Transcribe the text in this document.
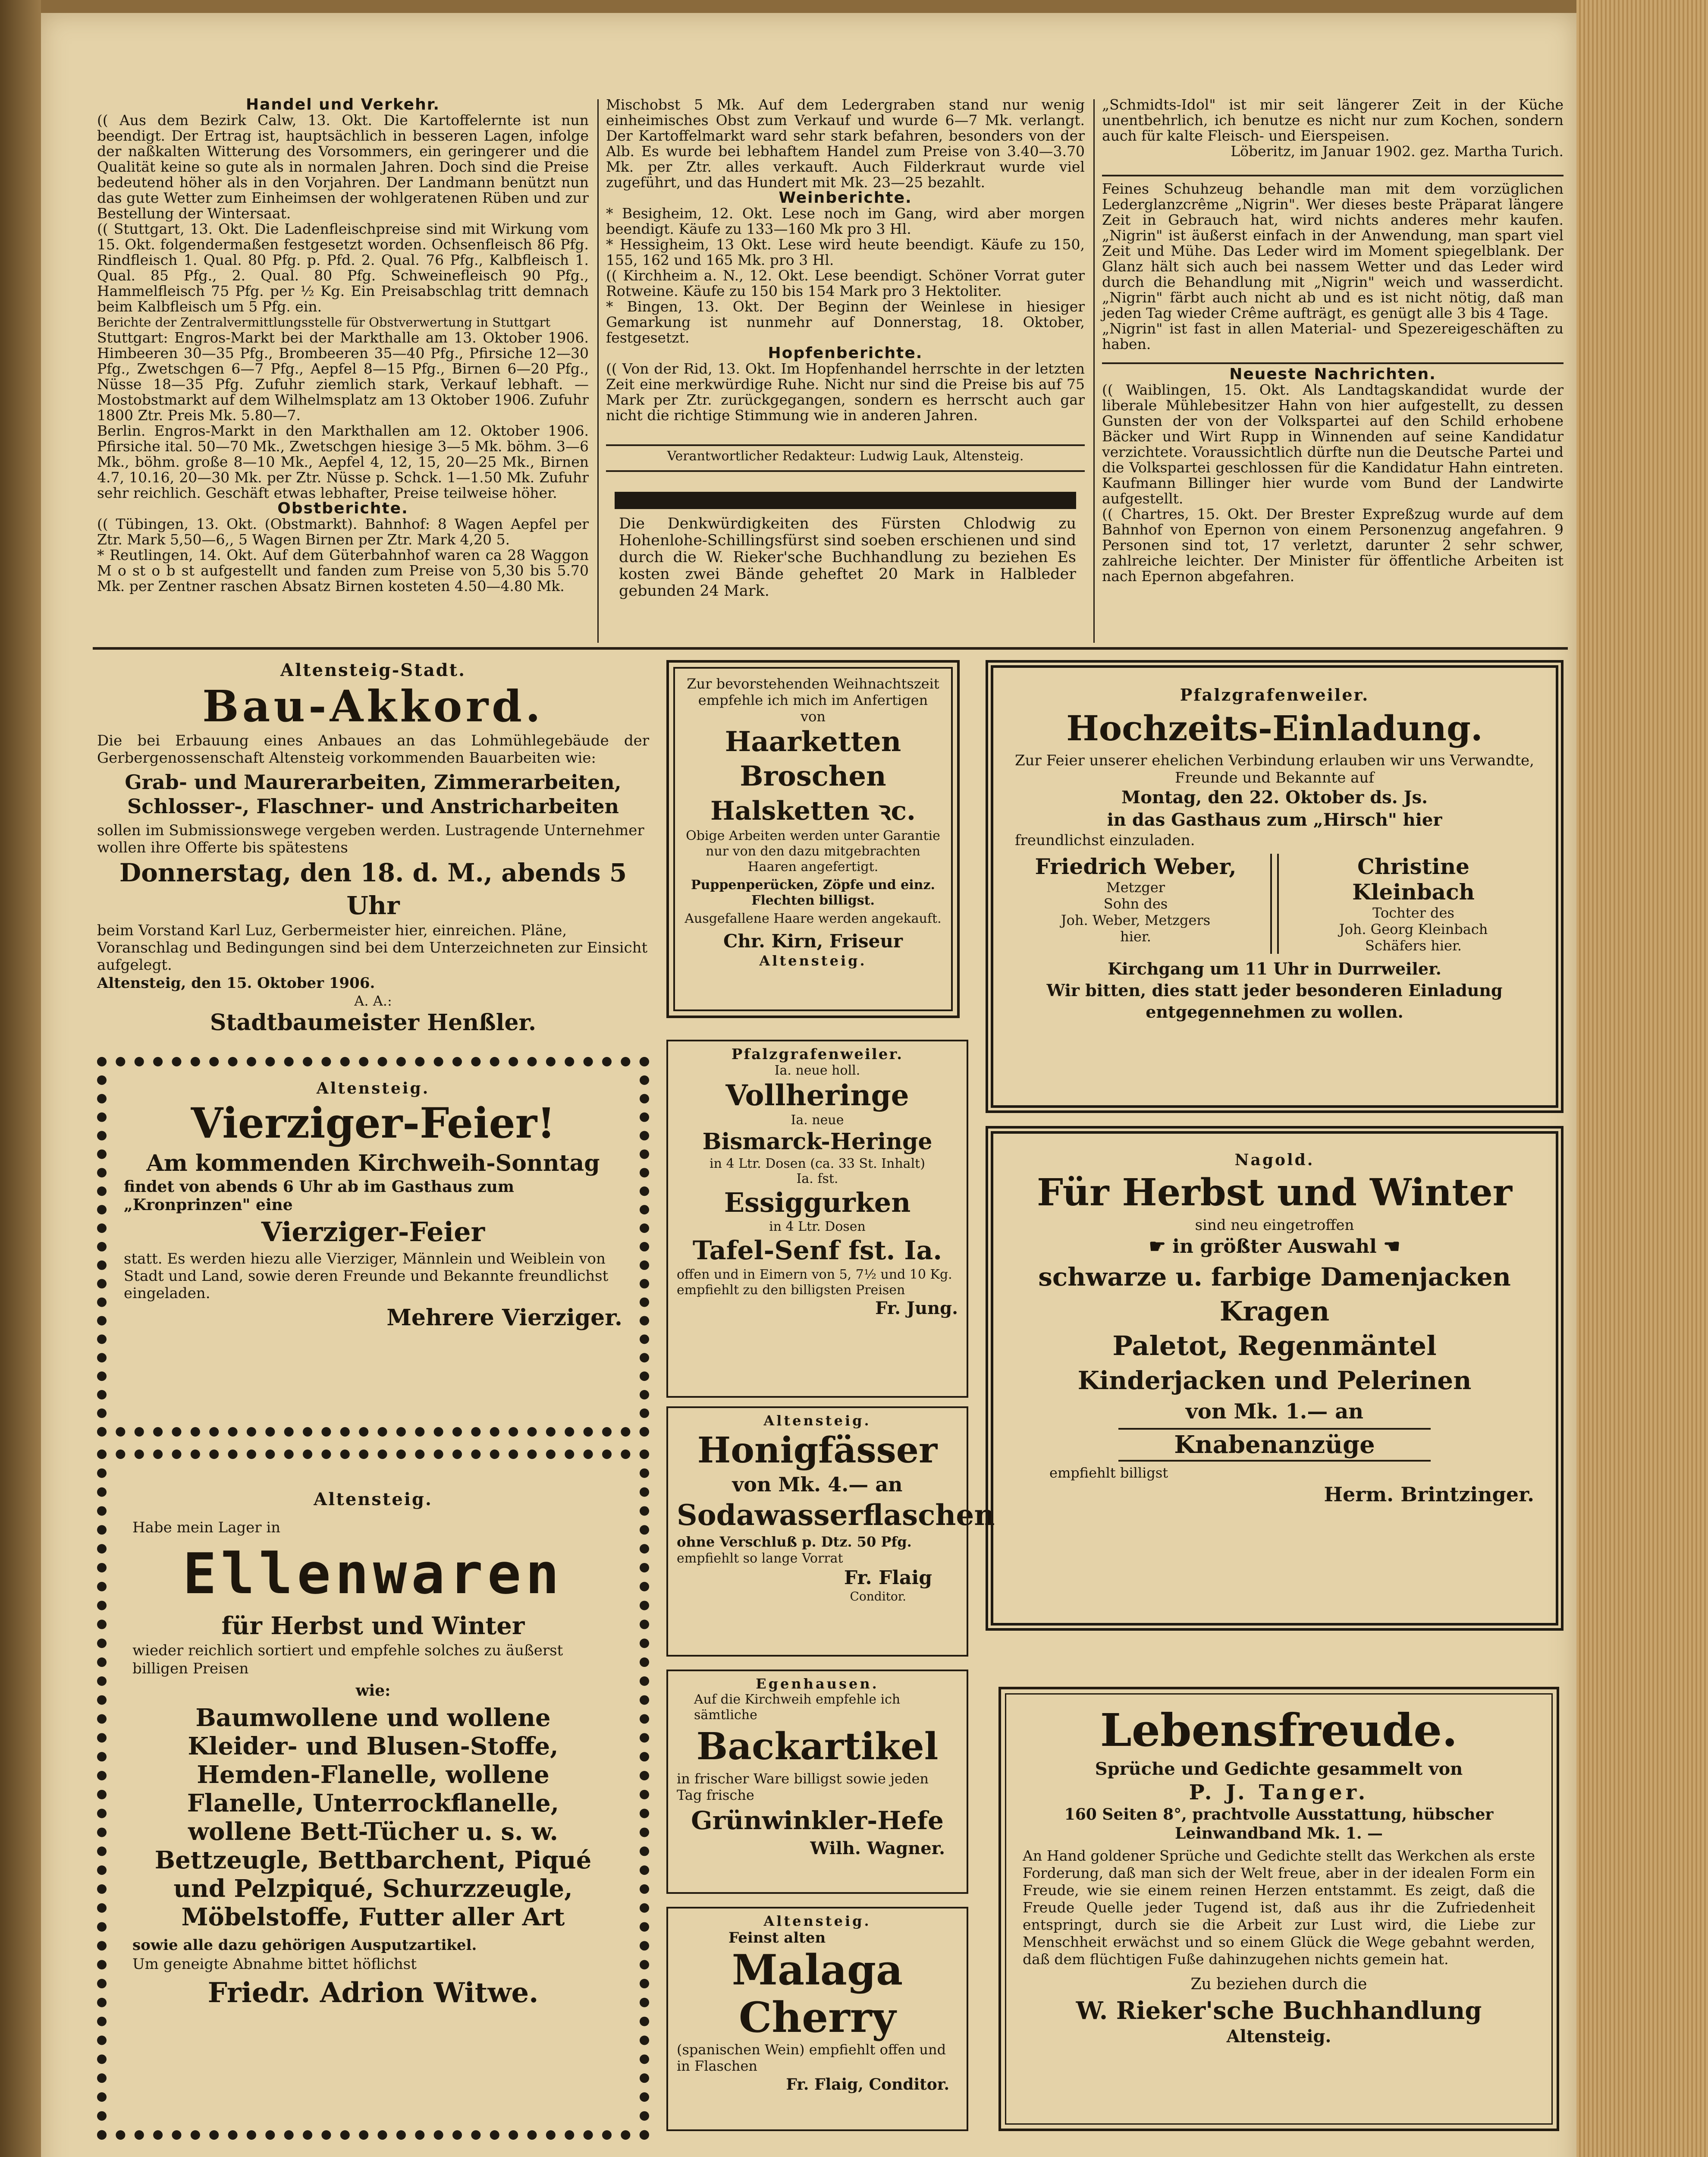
Handel und Verkehr.

(( Aus dem Bezirk Calw, 13. Okt. Die Kartoffelernte ist nun beendigt. Der Ertrag ist, hauptsächlich in besseren Lagen, infolge der naßkalten Witterung des Vorsommers, ein geringerer und die Qualität keine so gute als in normalen Jahren. Doch sind die Preise bedeutend höher als in den Vorjahren. Der Landmann benützt nun das gute Wetter zum Einheimsen der wohlgeratenen Rüben und zur Bestellung der Wintersaat.

(( Stuttgart, 13. Okt. Die Ladenfleischpreise sind mit Wirkung vom 15. Okt. folgendermaßen festgesetzt worden. Ochsenfleisch 86 Pfg. Rindfleisch 1. Qual. 80 Pfg. p. Pfd. 2. Qual. 76 Pfg., Kalbfleisch 1. Qual. 85 Pfg., 2. Qual. 80 Pfg. Schweinefleisch 90 Pfg., Hammelfleisch 75 Pfg. per ½ Kg. Ein Preisabschlag tritt demnach beim Kalbfleisch um 5 Pfg. ein.

Berichte der Zentralvermittlungsstelle für Obstverwertung in Stuttgart

Stuttgart: Engros-Markt bei der Markthalle am 13. Oktober 1906. Himbeeren 30—35 Pfg., Brombeeren 35—40 Pfg., Pfirsiche 12—30 Pfg., Zwetschgen 6—7 Pfg., Aepfel 8—15 Pfg., Birnen 6—20 Pfg., Nüsse 18—35 Pfg. Zufuhr ziemlich stark, Verkauf lebhaft. — Mostobstmarkt auf dem Wilhelmsplatz am 13 Oktober 1906. Zufuhr 1800 Ztr. Preis Mk. 5.80—7.

Berlin. Engros-Markt in den Markthallen am 12. Oktober 1906. Pfirsiche ital. 50—70 Mk., Zwetschgen hiesige 3—5 Mk. böhm. 3—6 Mk., böhm. große 8—10 Mk., Aepfel 4, 12, 15, 20—25 Mk., Birnen 4.7, 10.16, 20—30 Mk. per Ztr. Nüsse p. Schck. 1—1.50 Mk. Zufuhr sehr reichlich. Geschäft etwas lebhafter, Preise teilweise höher.

Obstberichte.

(( Tübingen, 13. Okt. (Obstmarkt). Bahnhof: 8 Wagen Aepfel per Ztr. Mark 5,50—6,, 5 Wagen Birnen per Ztr. Mark 4,20 5.

* Reutlingen, 14. Okt. Auf dem Güterbahnhof waren ca 28 Waggon M o st o b st aufgestellt und fanden zum Preise von 5,30 bis 5.70 Mk. per Zentner raschen Absatz Birnen kosteten 4.50—4.80 Mk.

Mischobst 5 Mk. Auf dem Ledergraben stand nur wenig einheimisches Obst zum Verkauf und wurde 6—7 Mk. verlangt. Der Kartoffelmarkt ward sehr stark befahren, besonders von der Alb. Es wurde bei lebhaftem Handel zum Preise von 3.40—3.70 Mk. per Ztr. alles verkauft. Auch Filderkraut wurde viel zugeführt, und das Hundert mit Mk. 23—25 bezahlt.

Weinberichte.

* Besigheim, 12. Okt. Lese noch im Gang, wird aber morgen beendigt. Käufe zu 133—160 Mk pro 3 Hl.

* Hessigheim, 13 Okt. Lese wird heute beendigt. Käufe zu 150, 155, 162 und 165 Mk. pro 3 Hl.

(( Kirchheim a. N., 12. Okt. Lese beendigt. Schöner Vorrat guter Rotweine. Käufe zu 150 bis 154 Mark pro 3 Hektoliter.

* Bingen, 13. Okt. Der Beginn der Weinlese in hiesiger Gemarkung ist nunmehr auf Donnerstag, 18. Oktober, festgesetzt.

Hopfenberichte.

(( Von der Rid, 13. Okt. Im Hopfenhandel herrschte in der letzten Zeit eine merkwürdige Ruhe. Nicht nur sind die Preise bis auf 75 Mark per Ztr. zurückgegangen, sondern es herrscht auch gar nicht die richtige Stimmung wie in anderen Jahren.

Verantwortlicher Redakteur: Ludwig Lauk, Altensteig.
Die Denkwürdigkeiten des Fürsten Chlodwig zu Hohenlohe-Schillingsfürst sind soeben erschienen und sind durch die W. Rieker'sche Buchhandlung zu beziehen Es kosten zwei Bände geheftet 20 Mark in Halbleder gebunden 24 Mark.

„Schmidts-Idol" ist mir seit längerer Zeit in der Küche unentbehrlich, ich benutze es nicht nur zum Kochen, sondern auch für kalte Fleisch- und Eierspeisen.

Löberitz, im Januar 1902. gez. Martha Turich.

Feines Schuhzeug behandle man mit dem vorzüglichen Lederglanzcrême „Nigrin". Wer dieses beste Präparat längere Zeit in Gebrauch hat, wird nichts anderes mehr kaufen. „Nigrin" ist äußerst einfach in der Anwendung, man spart viel Zeit und Mühe. Das Leder wird im Moment spiegelblank. Der Glanz hält sich auch bei nassem Wetter und das Leder wird durch die Behandlung mit „Nigrin" weich und wasserdicht. „Nigrin" färbt auch nicht ab und es ist nicht nötig, daß man jeden Tag wieder Crême aufträgt, es genügt alle 3 bis 4 Tage.

„Nigrin" ist fast in allen Material- und Spezereigeschäften zu haben.

Neueste Nachrichten.

(( Waiblingen, 15. Okt. Als Landtagskandidat wurde der liberale Mühlebesitzer Hahn von hier aufgestellt, zu dessen Gunsten der von der Volkspartei auf den Schild erhobene Bäcker und Wirt Rupp in Winnenden auf seine Kandidatur verzichtete. Voraussichtlich dürfte nun die Deutsche Partei und die Volkspartei geschlossen für die Kandidatur Hahn eintreten. Kaufmann Billinger hier wurde vom Bund der Landwirte aufgestellt.

(( Chartres, 15. Okt. Der Brester Expreßzug wurde auf dem Bahnhof von Epernon von einem Personenzug angefahren. 9 Personen sind tot, 17 verletzt, darunter 2 sehr schwer, zahlreiche leichter. Der Minister für öffentliche Arbeiten ist nach Epernon abgefahren.

Altensteig-Stadt.
Bau-Akkord.
Die bei Erbauung eines Anbaues an das Lohmühlegebäude der Gerbergenossenschaft Altensteig vorkommenden Bauarbeiten wie:
Grab- und Maurerarbeiten, Zimmerarbeiten, Schlosser-, Flaschner- und Anstricharbeiten
sollen im Submissionswege vergeben werden. Lustragende Unternehmer wollen ihre Offerte bis spätestens
Donnerstag, den 18. d. M., abends 5 Uhr
beim Vorstand Karl Luz, Gerbermeister hier, einreichen. Pläne, Voranschlag und Bedingungen sind bei dem Unterzeichneten zur Einsicht aufgelegt.
Altensteig, den 15. Oktober 1906.
A. A.:
Stadtbaumeister Henßler.
Zur bevorstehenden Weihnachtszeit empfehle ich mich im Anfertigen von
Haarketten
Broschen
Halsketten ꝛc.
Obige Arbeiten werden unter Garantie nur von den dazu mitgebrachten Haaren angefertigt.
Puppenperücken, Zöpfe und einz. Flechten billigst.
Ausgefallene Haare werden angekauft.
Chr. Kirn, Friseur
Altensteig.
Pfalzgrafenweiler.
Hochzeits-Einladung.
Zur Feier unserer ehelichen Verbindung erlauben wir uns Verwandte, Freunde und Bekannte auf
Montag, den 22. Oktober ds. Js.
in das Gasthaus zum „Hirsch" hier
freundlichst einzuladen.
Friedrich Weber, Metzger
Sohn des
Joh. Weber, Metzgers
hier.
Christine Kleinbach
Tochter des
Joh. Georg Kleinbach
Schäfers hier.
Kirchgang um 11 Uhr in Durrweiler.
Wir bitten, dies statt jeder besonderen Einladung entgegennehmen zu wollen.
Altensteig.
Vierziger-Feier!
Am kommenden Kirchweih-Sonntag
findet von abends 6 Uhr ab im Gasthaus zum „Kronprinzen" eine
Vierziger-Feier
statt. Es werden hiezu alle Vierziger, Männlein und Weiblein von Stadt und Land, sowie deren Freunde und Bekannte freundlichst eingeladen.
Mehrere Vierziger.
Pfalzgrafenweiler.
Ia. neue holl.
Vollheringe
Ia. neue
Bismarck-Heringe
in 4 Ltr. Dosen (ca. 33 St. Inhalt)
Ia. fst.
Essiggurken
in 4 Ltr. Dosen
Tafel-Senf fst. Ia.
offen und in Eimern von 5, 7½ und 10 Kg. empfiehlt zu den billigsten Preisen
Fr. Jung.
Nagold.
Für Herbst und Winter
sind neu eingetroffen
☛ in größter Auswahl ☚
schwarze u. farbige Damenjacken
Kragen
Paletot, Regenmäntel
Kinderjacken und Pelerinen
von Mk. 1.— an
Knabenanzüge
empfiehlt billigst
Herm. Brintzinger.
Altensteig.
Habe mein Lager in
Ellenwaren
für Herbst und Winter
wieder reichlich sortiert und empfehle solches zu äußerst billigen Preisen
wie:
Baumwollene und wollene Kleider- und Blusen-Stoffe, Hemden-Flanelle, wollene Flanelle, Unterrockflanelle, wollene Bett-Tücher u. s. w. Bettzeugle, Bettbarchent, Piqué und Pelzpiqué, Schurzzeugle, Möbelstoffe, Futter aller Art
sowie alle dazu gehörigen Ausputzartikel.
Um geneigte Abnahme bittet höflichst
Friedr. Adrion Witwe.
Altensteig.
Honigfässer
von Mk. 4.— an
Sodawasserflaschen
ohne Verschluß p. Dtz. 50 Pfg.
empfiehlt so lange Vorrat
Fr. Flaig
Conditor.
Egenhausen.
Auf die Kirchweih empfehle ich sämtliche
Backartikel
in frischer Ware billigst sowie jeden Tag frische
Grünwinkler-Hefe
Wilh. Wagner.
Altensteig.
Feinst alten
Malaga
Cherry
(spanischen Wein) empfiehlt offen und in Flaschen
Fr. Flaig, Conditor.
Lebensfreude.
Sprüche und Gedichte gesammelt von
P. J. Tanger.
160 Seiten 8°, prachtvolle Ausstattung, hübscher Leinwandband Mk. 1. —
An Hand goldener Sprüche und Gedichte stellt das Werkchen als erste Forderung, daß man sich der Welt freue, aber in der idealen Form ein Freude, wie sie einem reinen Herzen entstammt. Es zeigt, daß die Freude Quelle jeder Tugend ist, daß aus ihr die Zufriedenheit entspringt, durch sie die Arbeit zur Lust wird, die Liebe zur Menschheit erwächst und so einem Glück die Wege gebahnt werden, daß dem flüchtigen Fuße dahinzugehen nichts gemein hat.
Zu beziehen durch die
W. Rieker'sche Buchhandlung
Altensteig.
